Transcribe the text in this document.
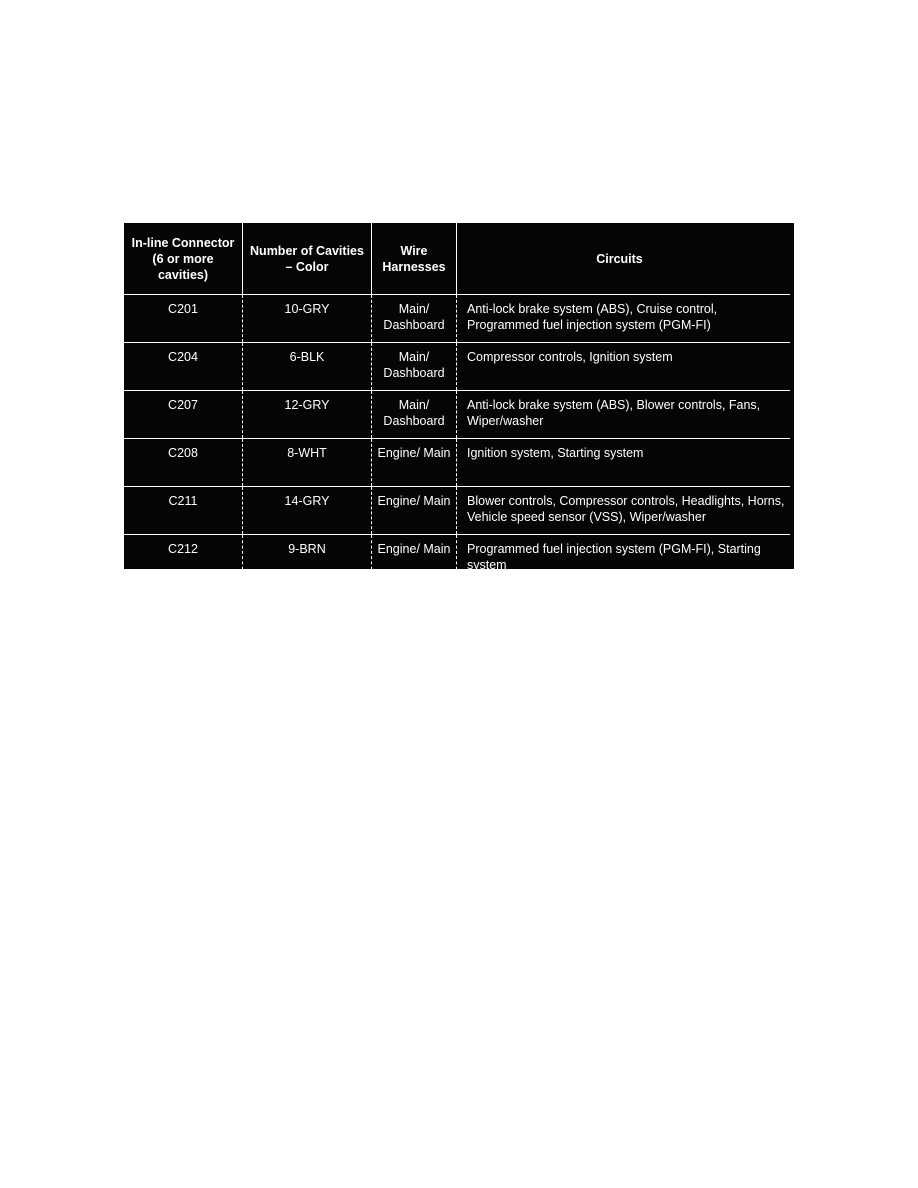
In-line Connector (6 or more cavities)	Number of Cavities – Color	Wire Harnesses	Circuits
C201	10-GRY	Main/ Dashboard	Anti-lock brake system (ABS), Cruise control, Programmed fuel injection system (PGM-FI)
C204	6-BLK	Main/ Dashboard	Compressor controls, Ignition system
C207	12-GRY	Main/ Dashboard	Anti-lock brake system (ABS), Blower controls, Fans, Wiper/washer
C208	8-WHT	Engine/ Main	Ignition system, Starting system
C211	14-GRY	Engine/ Main	Blower controls, Compressor controls, Headlights, Horns, Vehicle speed sensor (VSS), Wiper/washer
C212	9-BRN	Engine/ Main	Programmed fuel injection system (PGM-FI), Starting system
